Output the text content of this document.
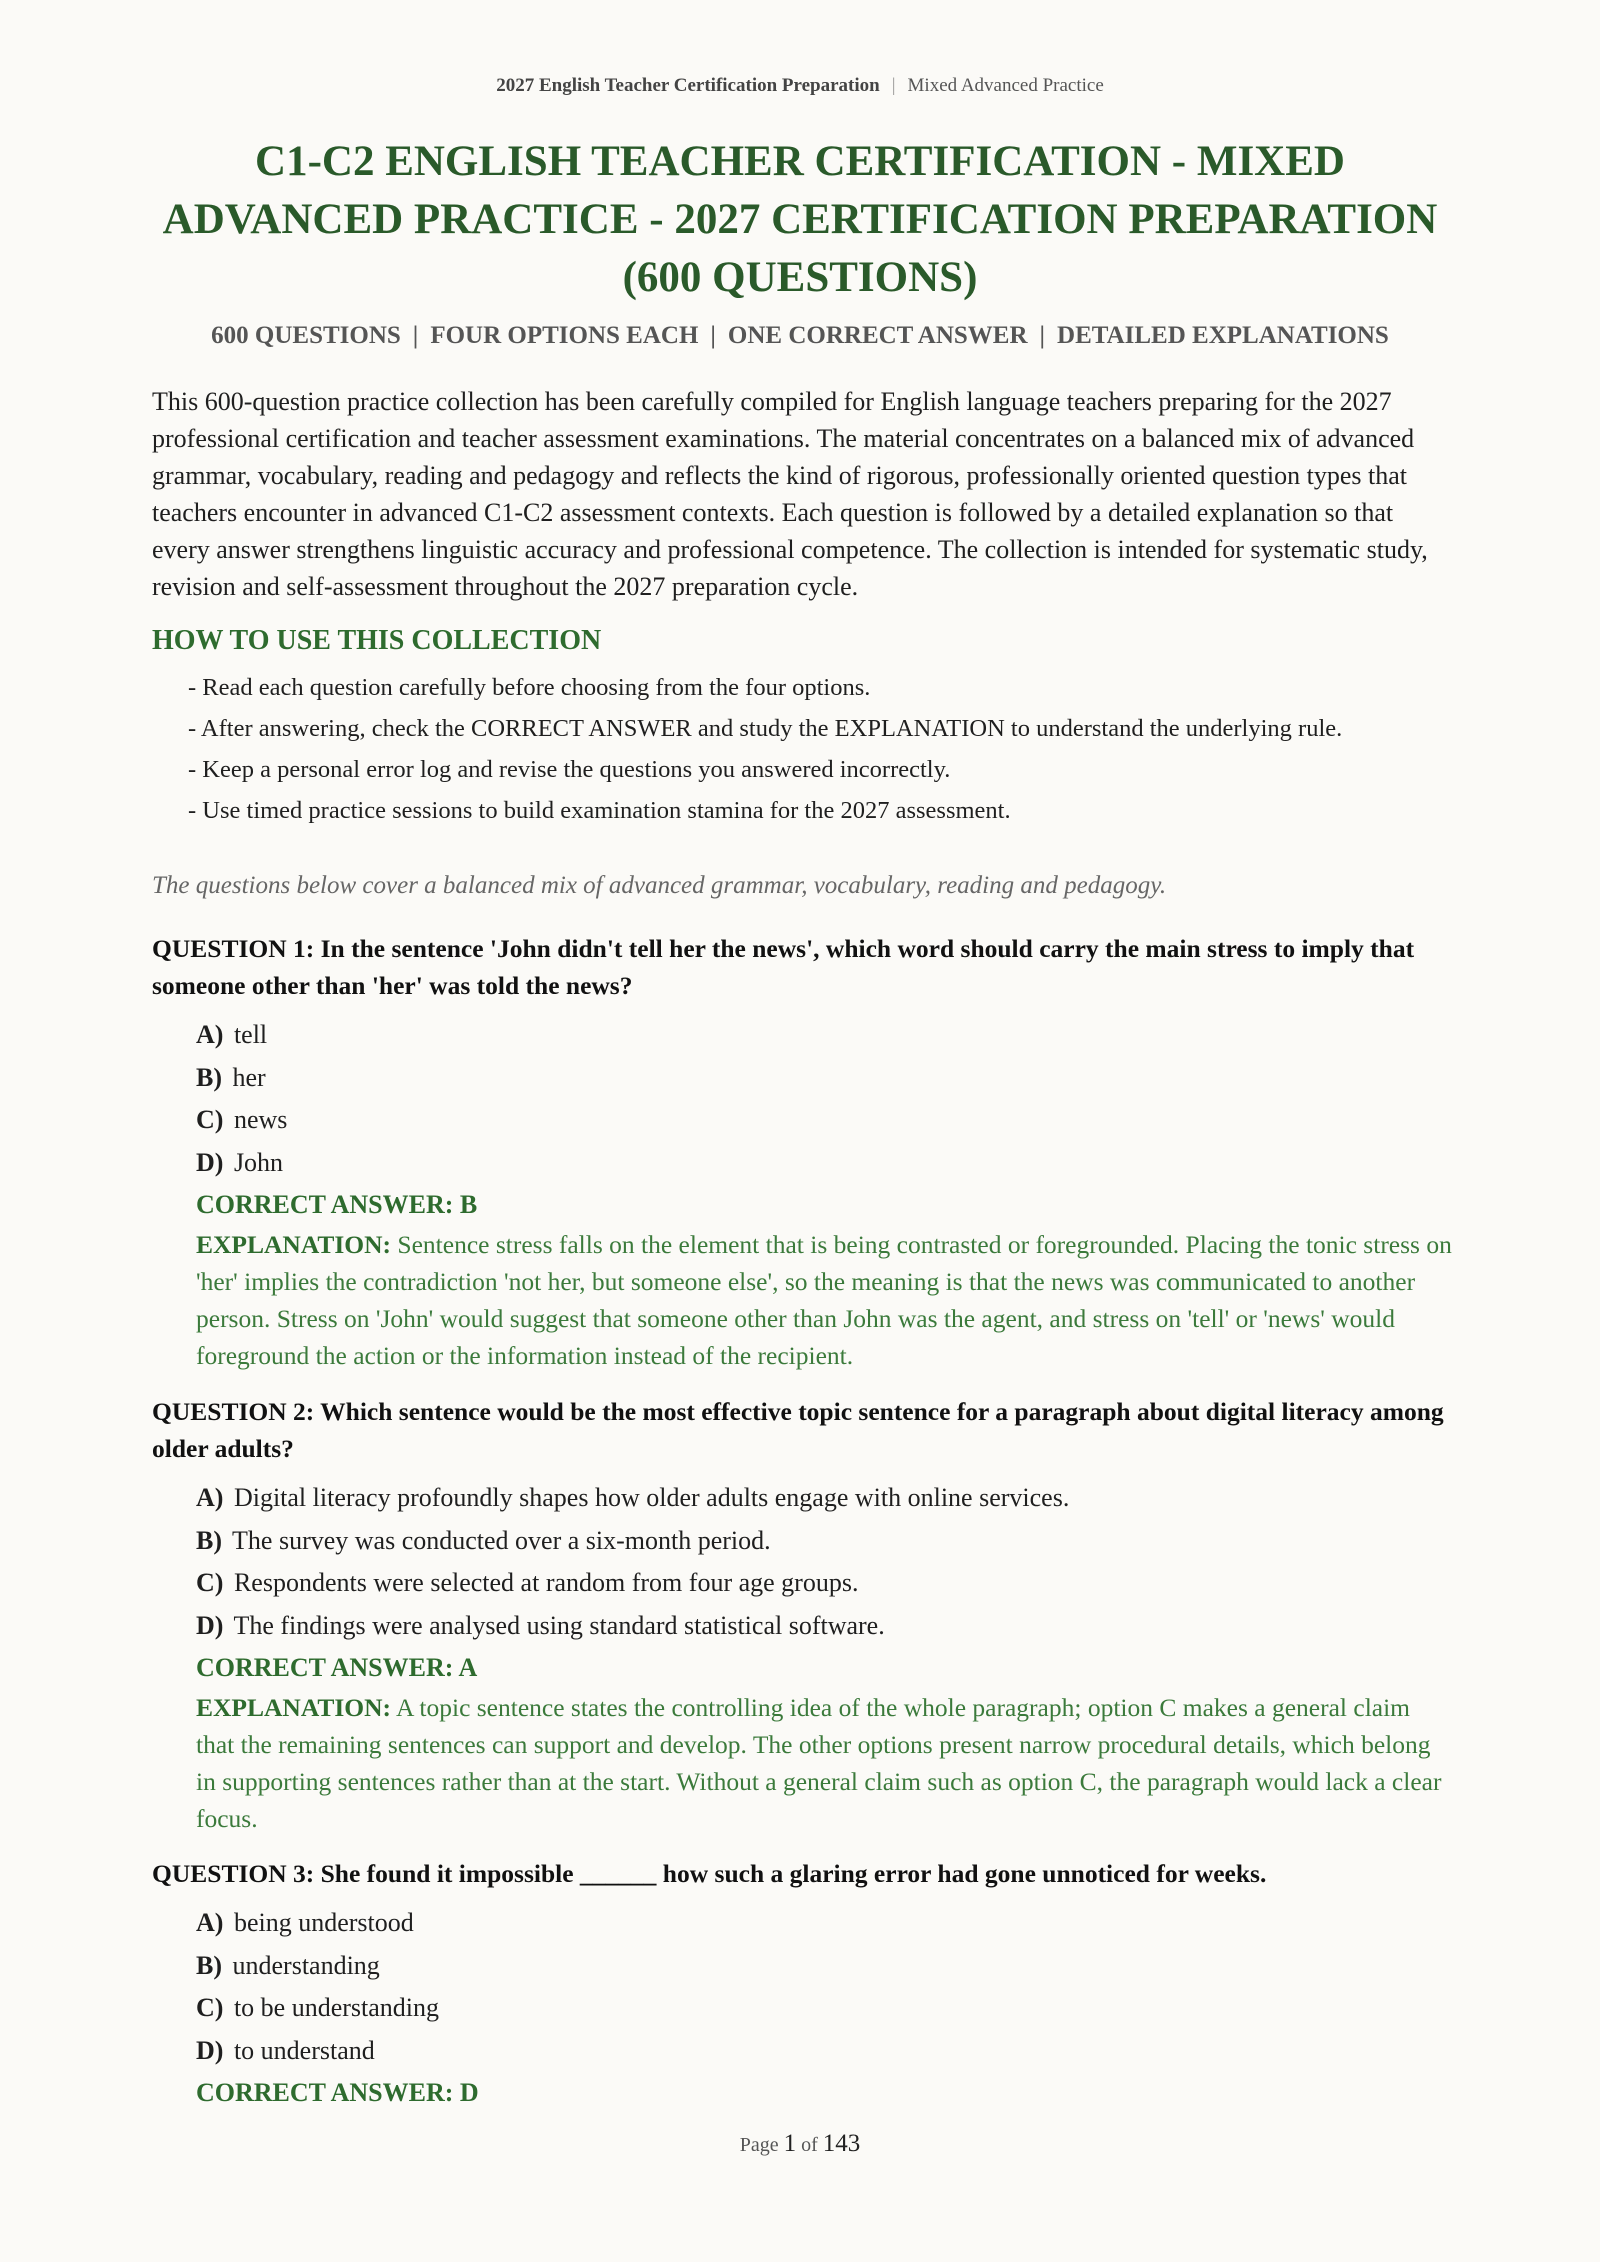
2027 English Teacher Certification Preparation | Mixed Advanced Practice
C1-C2 ENGLISH TEACHER CERTIFICATION - MIXED ADVANCED PRACTICE - 2027 CERTIFICATION PREPARATION (600 QUESTIONS)
600 QUESTIONS | FOUR OPTIONS EACH | ONE CORRECT ANSWER | DETAILED EXPLANATIONS

This 600-question practice collection has been carefully compiled for English language teachers preparing for the 2027 professional certification and teacher assessment examinations. The material concentrates on a balanced mix of advanced grammar, vocabulary, reading and pedagogy and reflects the kind of rigorous, professionally oriented question types that teachers encounter in advanced C1-C2 assessment contexts. Each question is followed by a detailed explanation so that every answer strengthens linguistic accuracy and professional competence. The collection is intended for systematic study, revision and self-assessment throughout the 2027 preparation cycle.

HOW TO USE THIS COLLECTION
- Read each question carefully before choosing from the four options.
- After answering, check the CORRECT ANSWER and study the EXPLANATION to understand the underlying rule.
- Keep a personal error log and revise the questions you answered incorrectly.
- Use timed practice sessions to build examination stamina for the 2027 assessment.

The questions below cover a balanced mix of advanced grammar, vocabulary, reading and pedagogy.

QUESTION 1: In the sentence 'John didn't tell her the news', which word should carry the main stress to imply that someone other than 'her' was told the news?

A) tell
B) her
C) news
D) John

CORRECT ANSWER: B

EXPLANATION: Sentence stress falls on the element that is being contrasted or foregrounded. Placing the tonic stress on 'her' implies the contradiction 'not her, but someone else', so the meaning is that the news was communicated to another person. Stress on 'John' would suggest that someone other than John was the agent, and stress on 'tell' or 'news' would foreground the action or the information instead of the recipient.

QUESTION 2: Which sentence would be the most effective topic sentence for a paragraph about digital literacy among older adults?

A) Digital literacy profoundly shapes how older adults engage with online services.
B) The survey was conducted over a six-month period.
C) Respondents were selected at random from four age groups.
D) The findings were analysed using standard statistical software.

CORRECT ANSWER: A

EXPLANATION: A topic sentence states the controlling idea of the whole paragraph; option C makes a general claim that the remaining sentences can support and develop. The other options present narrow procedural details, which belong in supporting sentences rather than at the start. Without a general claim such as option C, the paragraph would lack a clear focus.

QUESTION 3: She found it impossible ______ how such a glaring error had gone unnoticed for weeks.

A) being understood
B) understanding
C) to be understanding
D) to understand

CORRECT ANSWER: D

Page 1 of 143
